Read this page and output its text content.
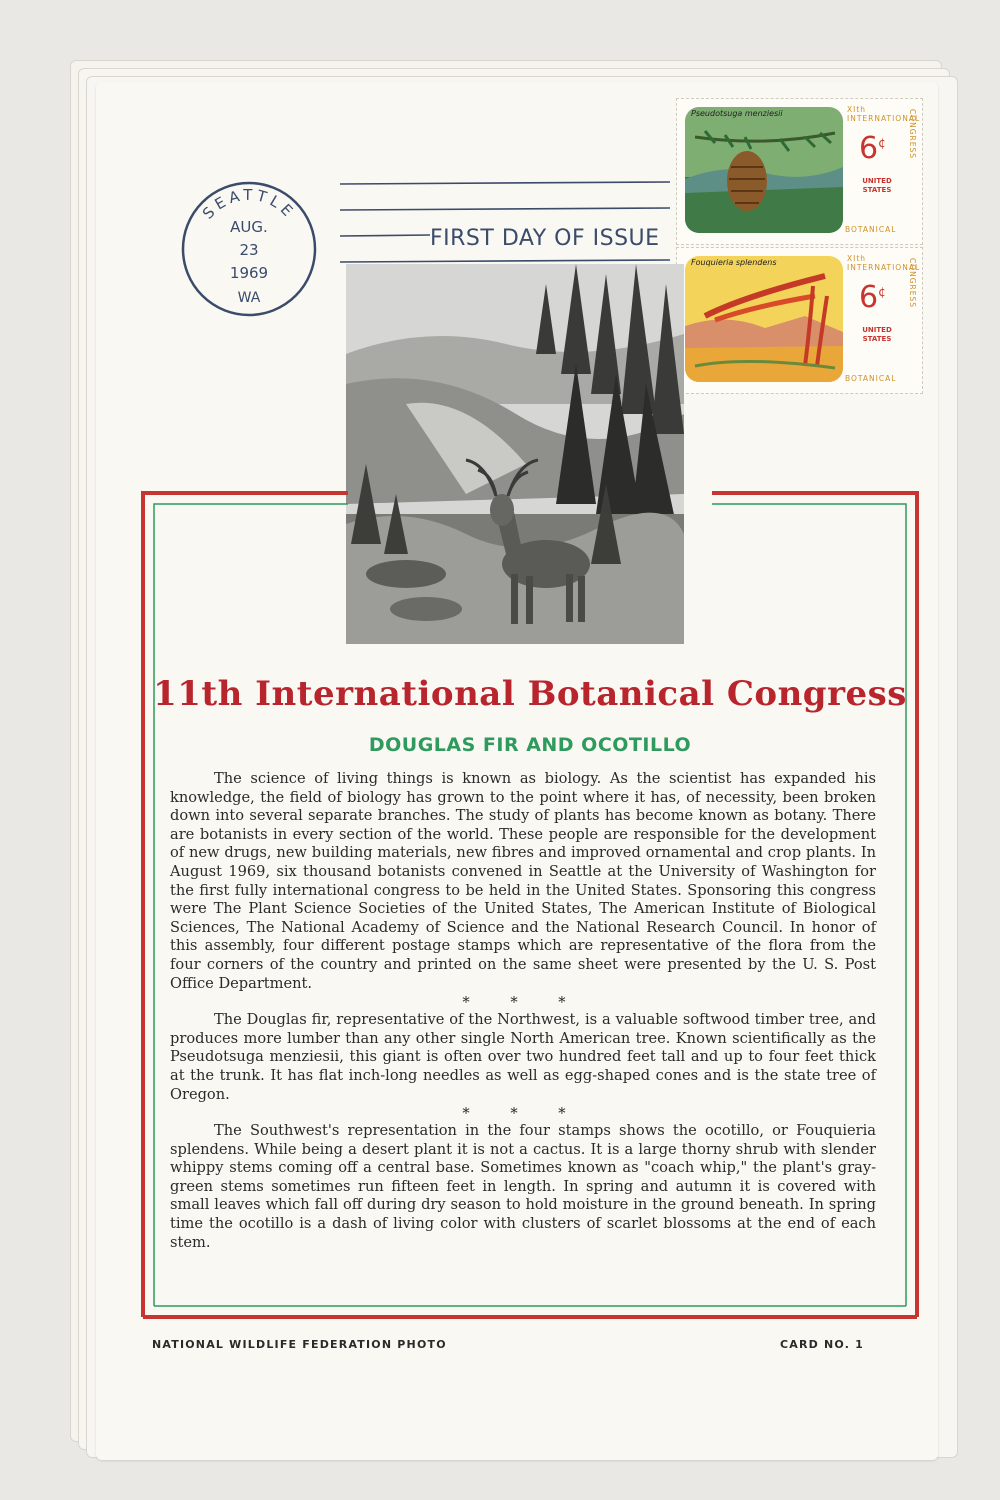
SEATTLE
AUG.
23
1969
WA
FIRST DAY OF ISSUE
Pseudotsuga menziesii	XIth INTERNATIONAL
6¢
UNITED
STATES
CONGRESS
BOTANICAL
Fouquieria splendens	XIth INTERNATIONAL
6¢
UNITED
STATES
CONGRESS
BOTANICAL
11th International Botanical Congress
DOUGLAS FIR AND OCOTILLO

The science of living things is known as biology. As the scientist has expanded his knowledge, the field of biology has grown to the point where it has, of necessity, been broken down into several separate branches. The study of plants has become known as botany. There are botanists in every section of the world. These people are responsible for the development of new drugs, new building materials, new fibres and improved ornamental and crop plants. In August 1969, six thousand botanists convened in Seattle at the University of Washington for the first fully international congress to be held in the United States. Sponsoring this congress were The Plant Science Societies of the United States, The American Institute of Biological Sciences, The National Academy of Science and the National Research Council. In honor of this assembly, four different postage stamps which are representative of the flora from the four corners of the country and printed on the same sheet were presented by the U. S. Post Office Department.

* * *

The Douglas fir, representative of the Northwest, is a valuable softwood timber tree, and produces more lumber than any other single North American tree. Known scientifically as the Pseudotsuga menziesii, this giant is often over two hundred feet tall and up to four feet thick at the trunk. It has flat inch-long needles as well as egg-shaped cones and is the state tree of Oregon.

* * *

The Southwest's representation in the four stamps shows the ocotillo, or Fouquieria splendens. While being a desert plant it is not a cactus. It is a large thorny shrub with slender whippy stems coming off a central base. Sometimes known as "coach whip," the plant's gray-green stems sometimes run fifteen feet in length. In spring and autumn it is covered with small leaves which fall off during dry season to hold moisture in the ground beneath. In spring time the ocotillo is a dash of living color with clusters of scarlet blossoms at the end of each stem.

NATIONAL WILDLIFE FEDERATION PHOTO	CARD NO. 1
